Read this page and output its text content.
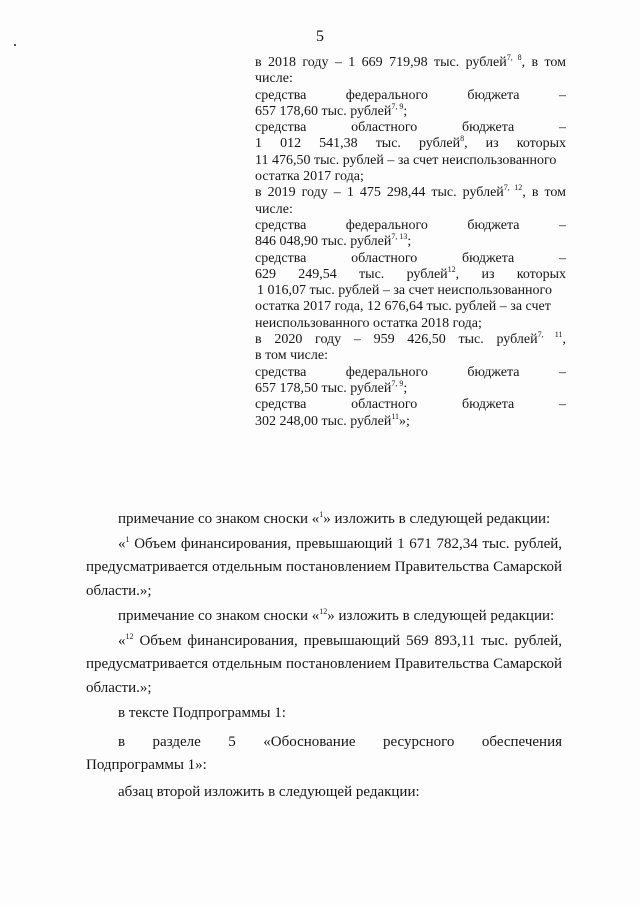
5
в 2018 году – 1 669 719,98 тыс. рублей$^{7, 8}$, в том
числе:
средства федерального бюджета –
657 178,60 тыс. рублей$^{7, 9}$;
средства областного бюджета –
1 012 541,38 тыс. рублей$^8$, из которых
11 476,50 тыс. рублей – за счет неиспользованного
остатка 2017 года;
в 2019 году – 1 475 298,44 тыс. рублей$^{7, 12}$, в том
числе:
средства федерального бюджета –
846 048,90 тыс. рублей$^{7, 13}$;
средства областного бюджета –
629 249,54 тыс. рублей$^{12}$, из которых
1 016,07 тыс. рублей – за счет неиспользованного
остатка 2017 года, 12 676,64 тыс. рублей – за счет
неиспользованного остатка 2018 года;
в 2020 году – 959 426,50 тыс. рублей$^{7, 11}$,
в том числе:
средства федерального бюджета –
657 178,50 тыс. рублей$^{7, 9}$;
средства областного бюджета –
302 248,00 тыс. рублей$^{11}$»;
примечание со знаком сноски «$^1$» изложить в следующей редакции:
«$^1$ Объем финансирования, превышающий 1 671 782,34 тыс. рублей,
предусматривается отдельным постановлением Правительства Самарской
области.»;
примечание со знаком сноски «$^{12}$» изложить в следующей редакции:
«$^{12}$ Объем финансирования, превышающий 569 893,11 тыс. рублей,
предусматривается отдельным постановлением Правительства Самарской
области.»;
в тексте Подпрограммы 1:
в разделе 5 «Обоснование ресурсного обеспечения
Подпрограммы 1»:
абзац второй изложить в следующей редакции:
